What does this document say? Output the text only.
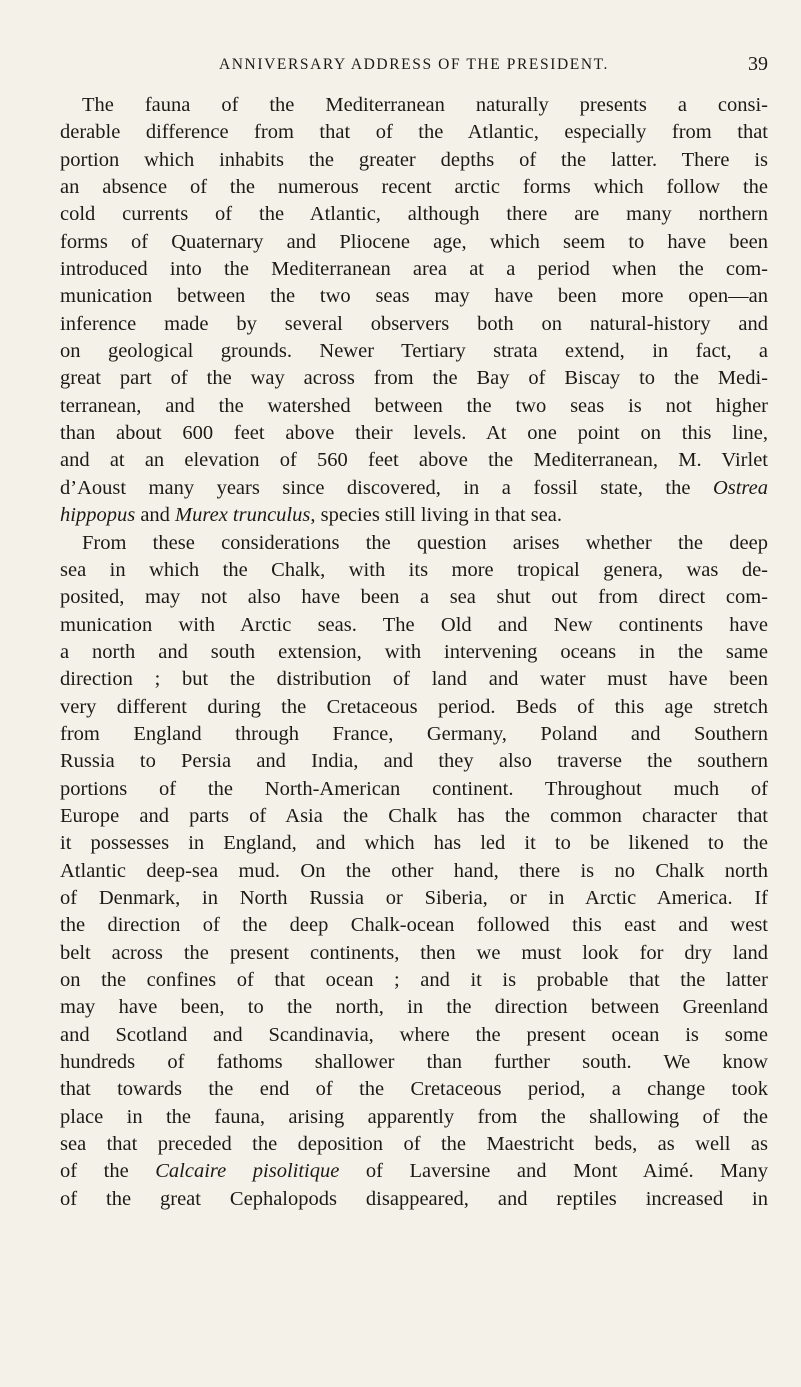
ANNIVERSARY ADDRESS OF THE PRESIDENT.	39
The fauna of the Mediterranean naturally presents a consi-
derable difference from that of the Atlantic, especially from that
portion which inhabits the greater depths of the latter. There is
an absence of the numerous recent arctic forms which follow the
cold currents of the Atlantic, although there are many northern
forms of Quaternary and Pliocene age, which seem to have been
introduced into the Mediterranean area at a period when the com-
munication between the two seas may have been more open—an
inference made by several observers both on natural-history and
on geological grounds. Newer Tertiary strata extend, in fact, a
great part of the way across from the Bay of Biscay to the Medi-
terranean, and the watershed between the two seas is not higher
than about 600 feet above their levels. At one point on this line,
and at an elevation of 560 feet above the Mediterranean, M. Virlet
d’Aoust many years since discovered, in a fossil state, the Ostrea
hippopus and Murex trunculus, species still living in that sea.
From these considerations the question arises whether the deep
sea in which the Chalk, with its more tropical genera, was de-
posited, may not also have been a sea shut out from direct com-
munication with Arctic seas. The Old and New continents have
a north and south extension, with intervening oceans in the same
direction ; but the distribution of land and water must have been
very different during the Cretaceous period. Beds of this age stretch
from England through France, Germany, Poland and Southern
Russia to Persia and India, and they also traverse the southern
portions of the North-American continent. Throughout much of
Europe and parts of Asia the Chalk has the common character that
it possesses in England, and which has led it to be likened to the
Atlantic deep-sea mud. On the other hand, there is no Chalk north
of Denmark, in North Russia or Siberia, or in Arctic America. If
the direction of the deep Chalk-ocean followed this east and west
belt across the present continents, then we must look for dry land
on the confines of that ocean ; and it is probable that the latter
may have been, to the north, in the direction between Greenland
and Scotland and Scandinavia, where the present ocean is some
hundreds of fathoms shallower than further south. We know
that towards the end of the Cretaceous period, a change took
place in the fauna, arising apparently from the shallowing of the
sea that preceded the deposition of the Maestricht beds, as well as
of the Calcaire pisolitique of Laversine and Mont Aimé. Many
of the great Cephalopods disappeared, and reptiles increased in
